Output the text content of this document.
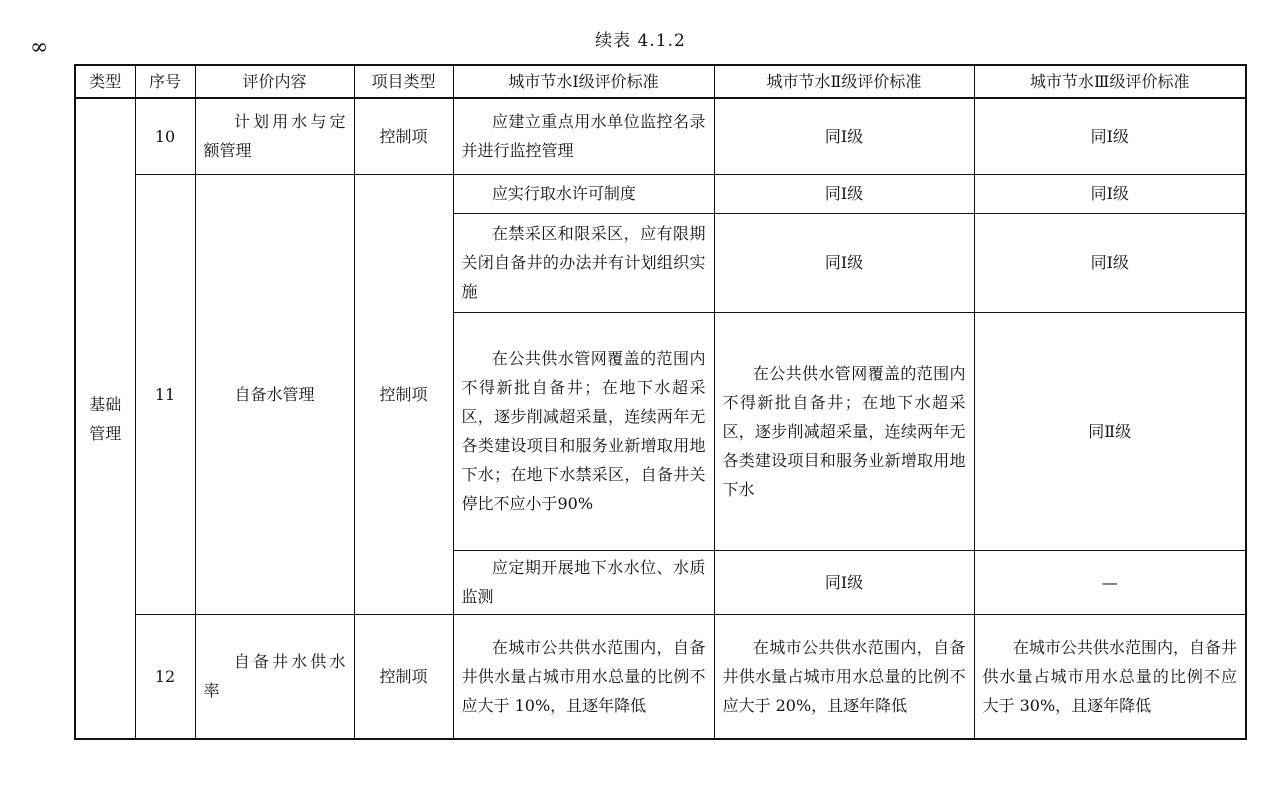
∞	续表 4.1.2
类型	序号	评价内容	项目类型	城市节水Ⅰ级评价标准	城市节水Ⅱ级评价标准	城市节水Ⅲ级评价标准
基础管理	10	计划用水与定额管理	控制项	应建立重点用水单位监控名录并进行监控管理	同Ⅰ级	同Ⅰ级
	11	自备水管理	控制项	应实行取水许可制度	同Ⅰ级	同Ⅰ级
				在禁采区和限采区，应有限期关闭自备井的办法并有计划组织实施	同Ⅰ级	同Ⅰ级
				在公共供水管网覆盖的范围内不得新批自备井；在地下水超采区，逐步削减超采量，连续两年无各类建设项目和服务业新增取用地下水；在地下水禁采区，自备井关停比不应小于90%	在公共供水管网覆盖的范围内不得新批自备井；在地下水超采区，逐步削减超采量，连续两年无各类建设项目和服务业新增取用地下水	同Ⅱ级
				应定期开展地下水水位、水质监测	同Ⅰ级	—
	12	自备井水供水率	控制项	在城市公共供水范围内，自备井供水量占城市用水总量的比例不应大于 10%，且逐年降低	在城市公共供水范围内，自备井供水量占城市用水总量的比例不应大于 20%，且逐年降低	在城市公共供水范围内，自备井供水量占城市用水总量的比例不应大于 30%，且逐年降低
